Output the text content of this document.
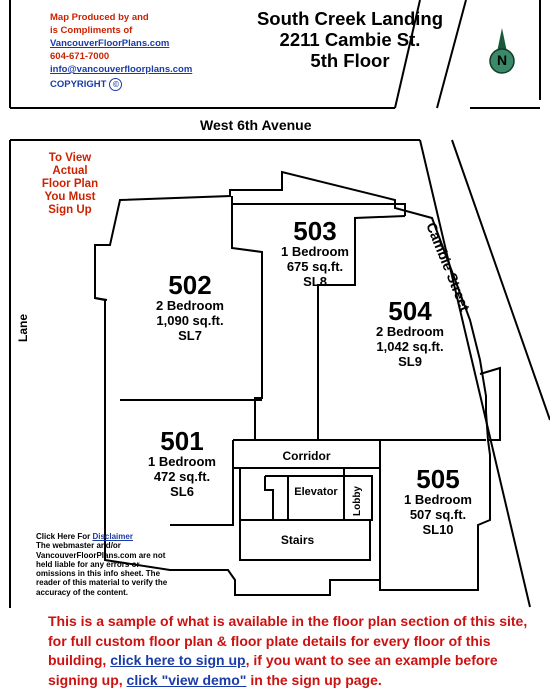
N
Map Produced by and
is Compliments of
VancouverFloorPlans.com
604-671-7000
info@vancouverfloorplans.com
COPYRIGHT ©
South Creek Landing
2211 Cambie St.
5th Floor
West 6th Avenue
Cambie Street
Lane
To View Actual
Floor Plan
You Must
Sign Up
502
2 Bedroom
1,090 sq.ft.
SL7
503
1 Bedroom
675 sq.ft.
SL8
504
2 Bedroom
1,042 sq.ft.
SL9
501
1 Bedroom
472 sq.ft.
SL6	505
1 Bedroom
507 sq.ft.
SL10
Corridor
Elevator	Lobby
Stairs
Click Here For Disclaimer
The webmaster and/or VancouverFloorPlans.com are not held liable for any errors or omissions in this info sheet. The reader of this material to verify the accuracy of the content.
This is a sample of what is available in the floor plan section of this site, for full custom floor plan & floor plate details for every floor of this building, click here to sign up, if you want to see an example before signing up, click "view demo" in the sign up page.
